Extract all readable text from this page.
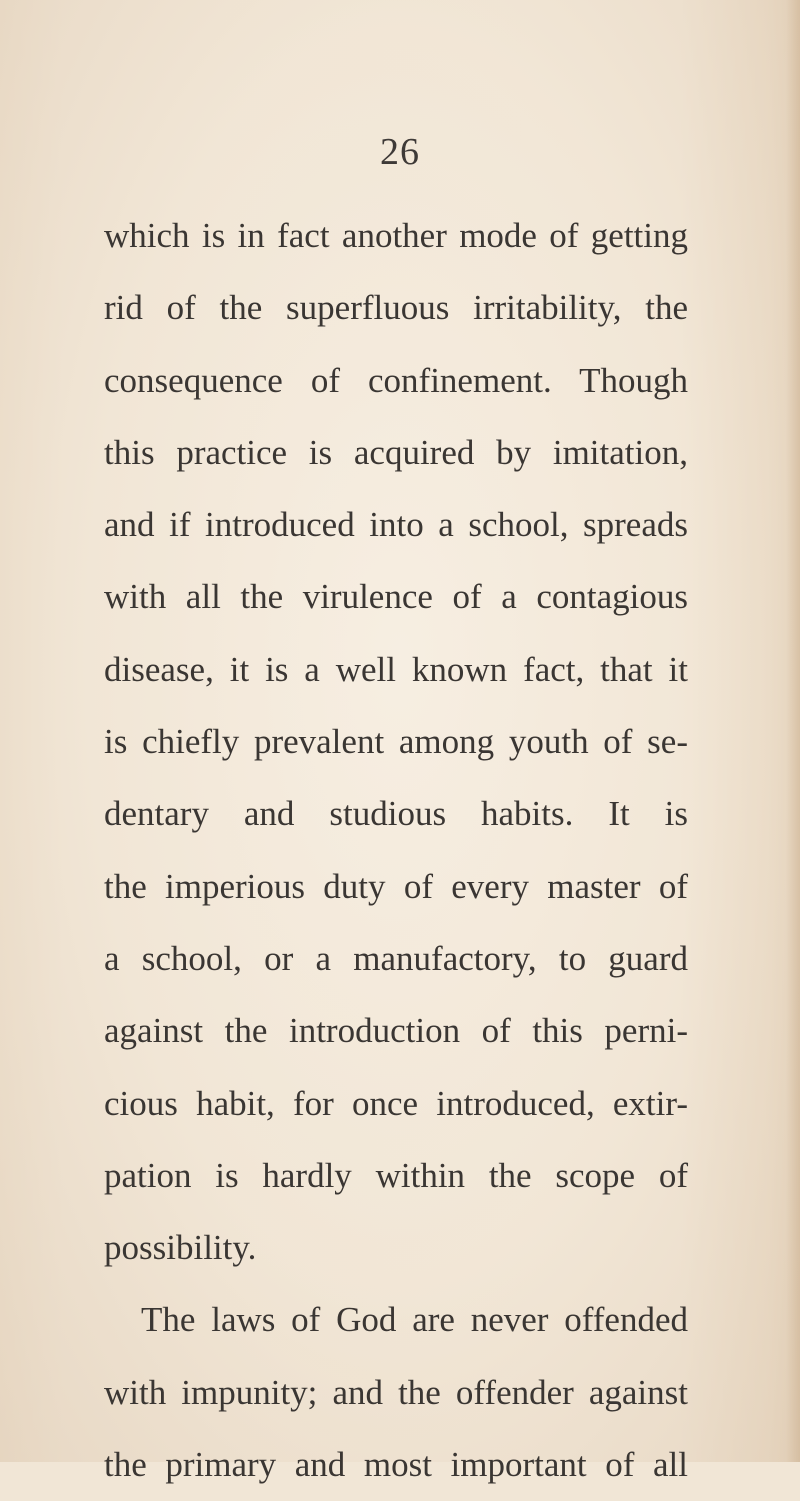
26
which is in fact another mode of getting
rid of the superfluous irritability, the
consequence of confinement. Though
this practice is acquired by imitation,
and if introduced into a school, spreads
with all the virulence of a contagious
disease, it is a well known fact, that it
is chiefly prevalent among youth of se-
dentary and studious habits. It is
the imperious duty of every master of
a school, or a manufactory, to guard
against the introduction of this perni-
cious habit, for once introduced, extir-
pation is hardly within the scope of
possibility.
The laws of God are never offended
with impunity; and the offender against
the primary and most important of all
